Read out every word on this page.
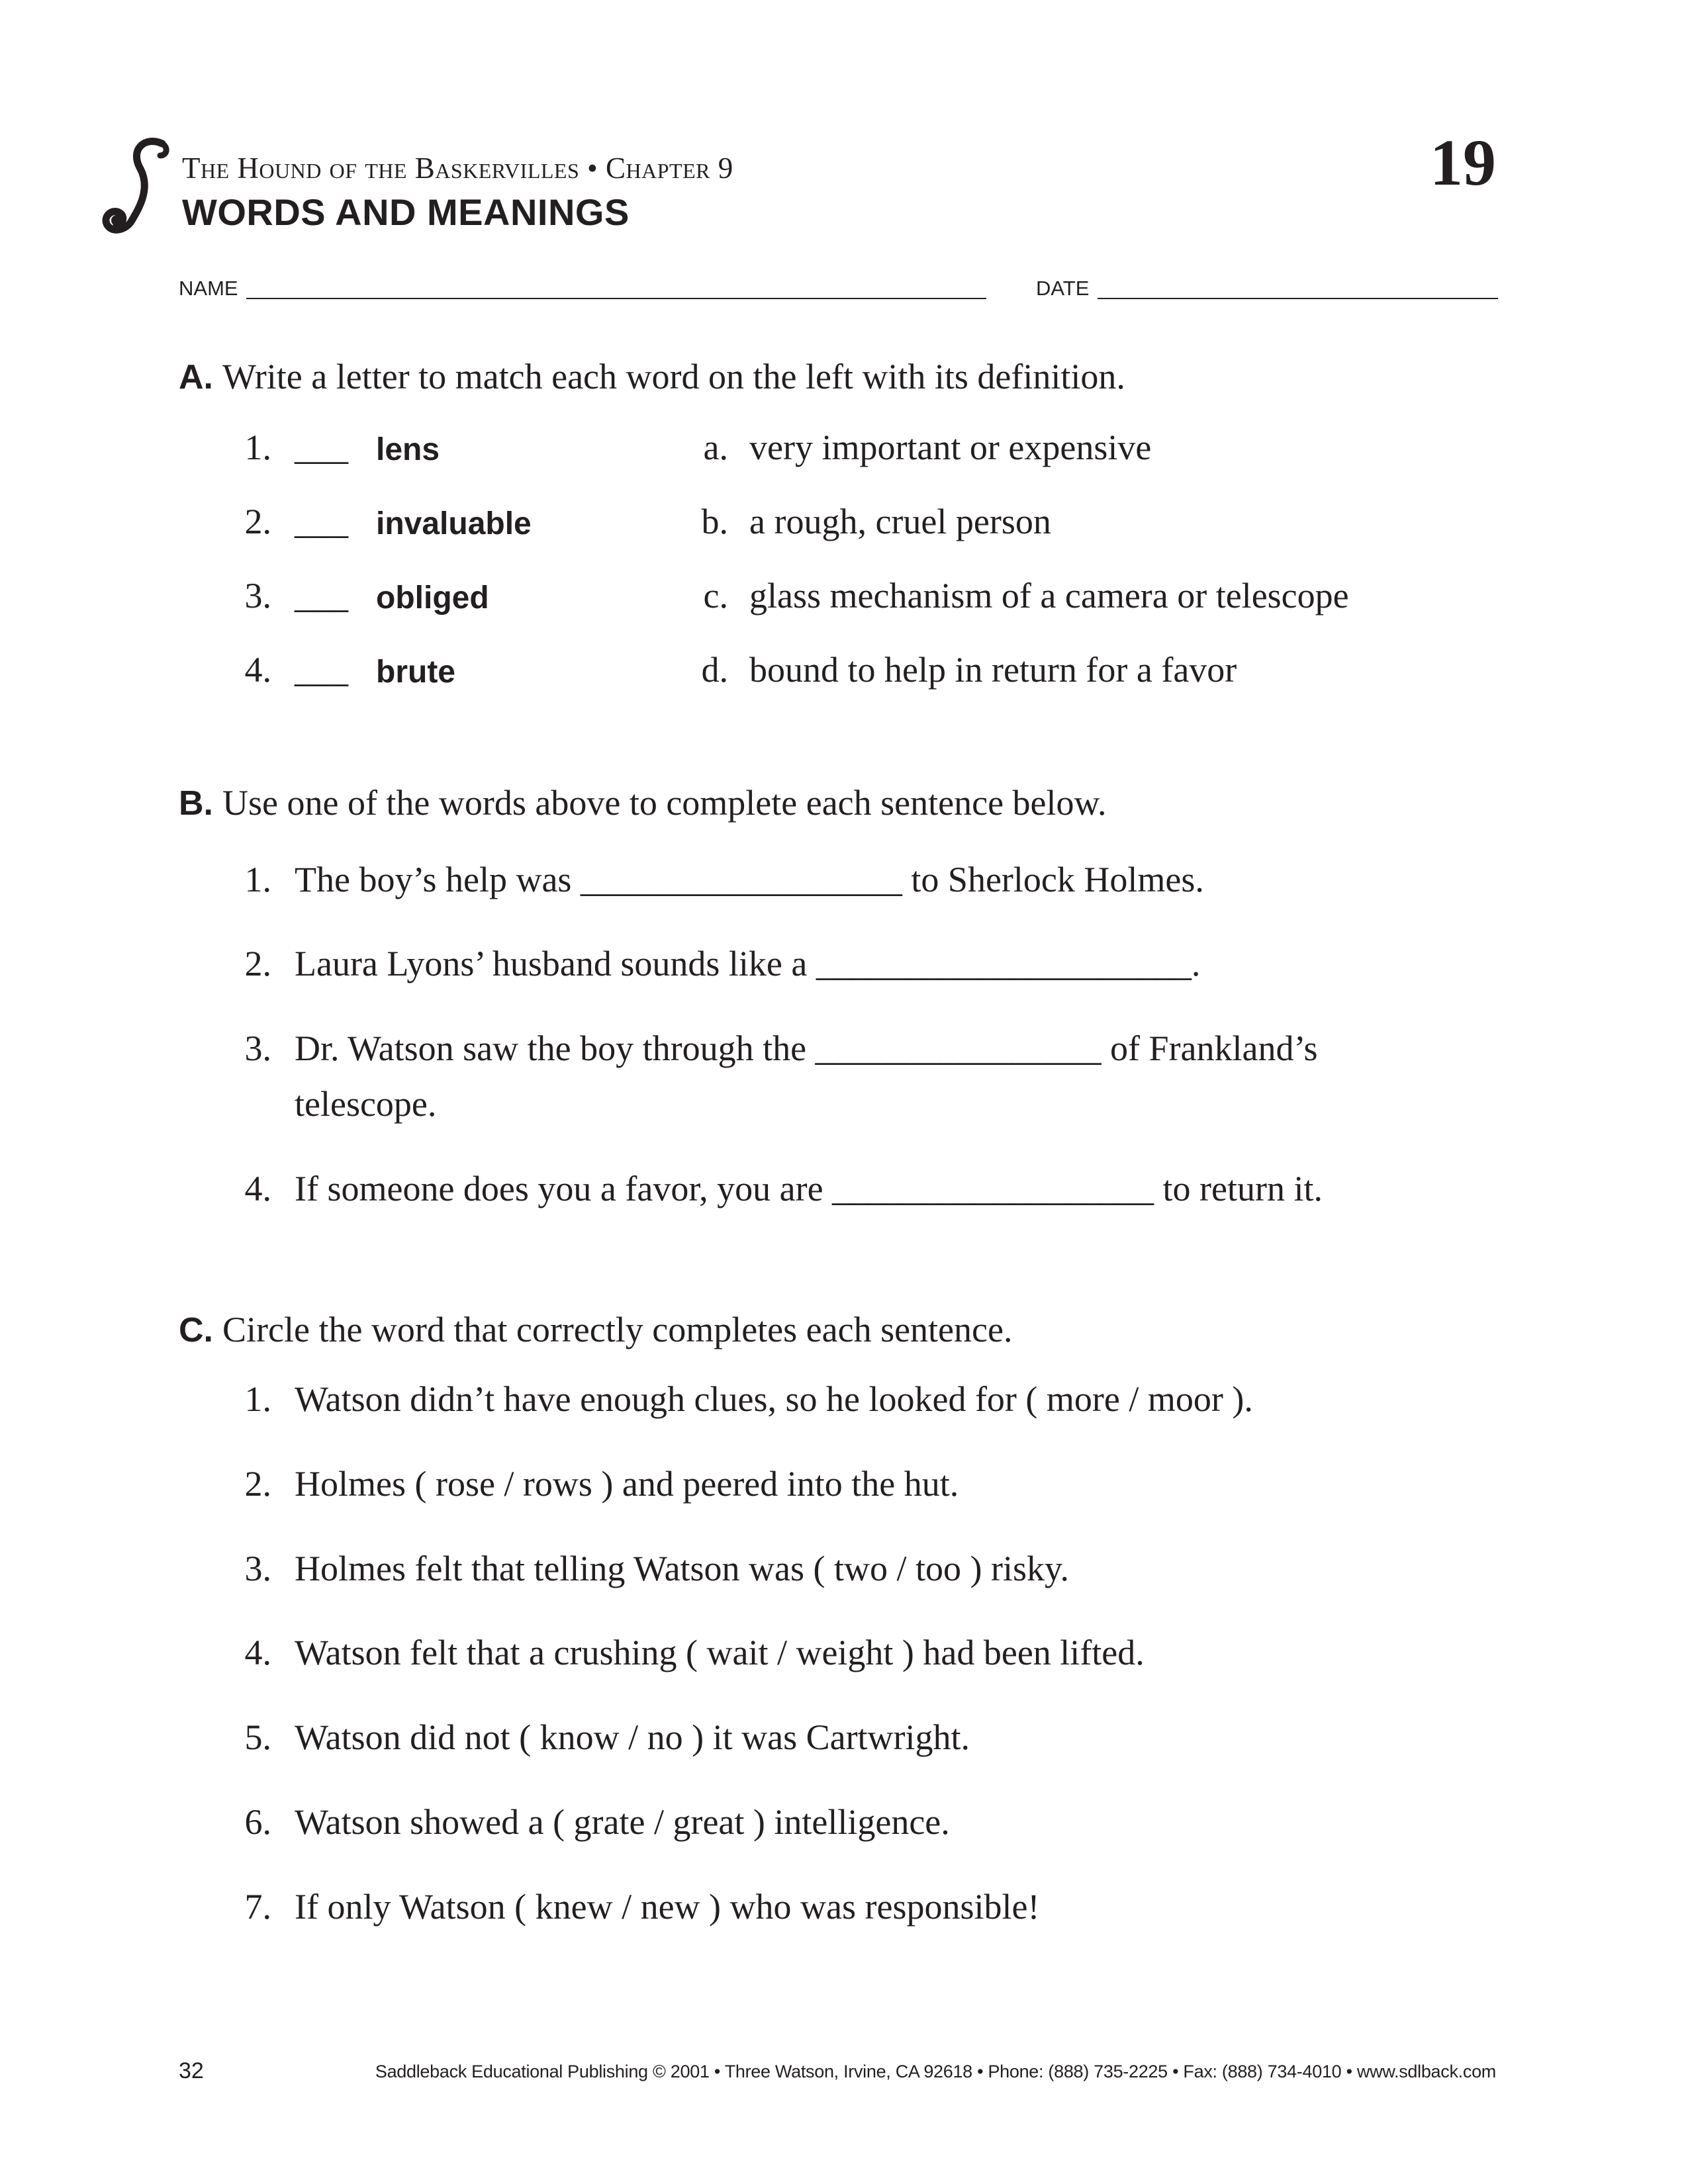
The Hound of the Baskervilles • Chapter 9
WORDS AND MEANINGS
19
NAME	DATE
A. Write a letter to match each word on the left with its definition.
1. ___ lens	a. very important or expensive
2. ___ invaluable	b. a rough, cruel person
3. ___ obliged	c. glass mechanism of a camera or telescope
4. ___ brute	d. bound to help in return for a favor
B. Use one of the words above to complete each sentence below.
1. The boy’s help was __________________ to Sherlock Holmes.
2. Laura Lyons’ husband sounds like a _____________________.
3. Dr. Watson saw the boy through the ________________ of Frankland’s
telescope.
4. If someone does you a favor, you are __________________ to return it.
C. Circle the word that correctly completes each sentence.
1. Watson didn’t have enough clues, so he looked for ( more / moor ).
2. Holmes ( rose / rows ) and peered into the hut.
3. Holmes felt that telling Watson was ( two / too ) risky.
4. Watson felt that a crushing ( wait / weight ) had been lifted.
5. Watson did not ( know / no ) it was Cartwright.
6. Watson showed a ( grate / great ) intelligence.
7. If only Watson ( knew / new ) who was responsible!
32	Saddleback Educational Publishing © 2001 • Three Watson, Irvine, CA 92618 • Phone: (888) 735-2225 • Fax: (888) 734-4010 • www.sdlback.com
